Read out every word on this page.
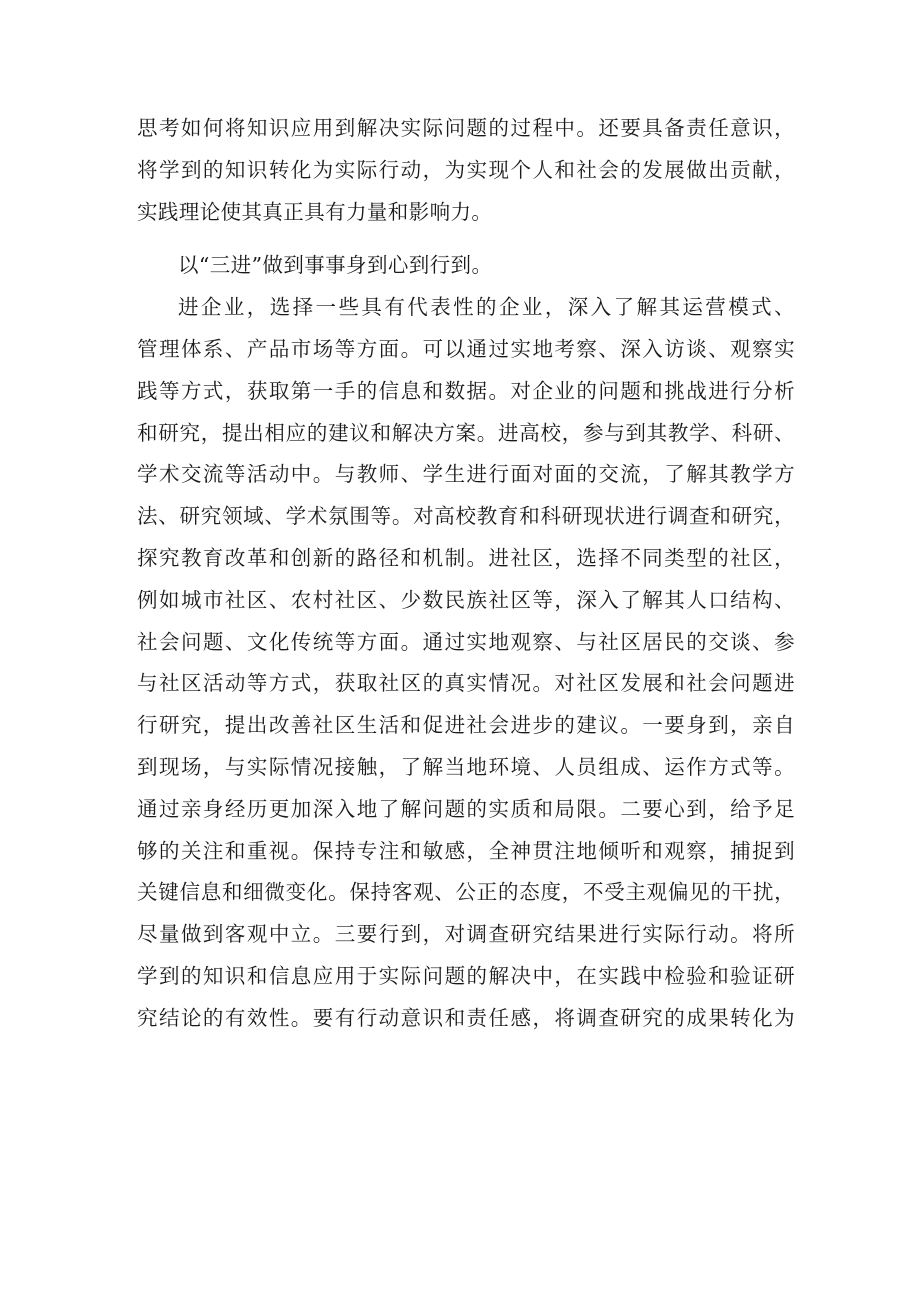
思考如何将知识应用到解决实际问题的过程中。还要具备责任意识，
将学到的知识转化为实际行动，为实现个人和社会的发展做出贡献，
实践理论使其真正具有力量和影响力。
以“三进”做到事事身到心到行到。
进企业，选择一些具有代表性的企业，深入了解其运营模式、
管理体系、产品市场等方面。可以通过实地考察、深入访谈、观察实
践等方式，获取第一手的信息和数据。对企业的问题和挑战进行分析
和研究，提出相应的建议和解决方案。进高校，参与到其教学、科研、
学术交流等活动中。与教师、学生进行面对面的交流，了解其教学方
法、研究领域、学术氛围等。对高校教育和科研现状进行调查和研究，
探究教育改革和创新的路径和机制。进社区，选择不同类型的社区，
例如城市社区、农村社区、少数民族社区等，深入了解其人口结构、
社会问题、文化传统等方面。通过实地观察、与社区居民的交谈、参
与社区活动等方式，获取社区的真实情况。对社区发展和社会问题进
行研究，提出改善社区生活和促进社会进步的建议。一要身到，亲自
到现场，与实际情况接触，了解当地环境、人员组成、运作方式等。
通过亲身经历更加深入地了解问题的实质和局限。二要心到，给予足
够的关注和重视。保持专注和敏感，全神贯注地倾听和观察，捕捉到
关键信息和细微变化。保持客观、公正的态度，不受主观偏见的干扰，
尽量做到客观中立。三要行到，对调查研究结果进行实际行动。将所
学到的知识和信息应用于实际问题的解决中，在实践中检验和验证研
究结论的有效性。要有行动意识和责任感，将调查研究的成果转化为
